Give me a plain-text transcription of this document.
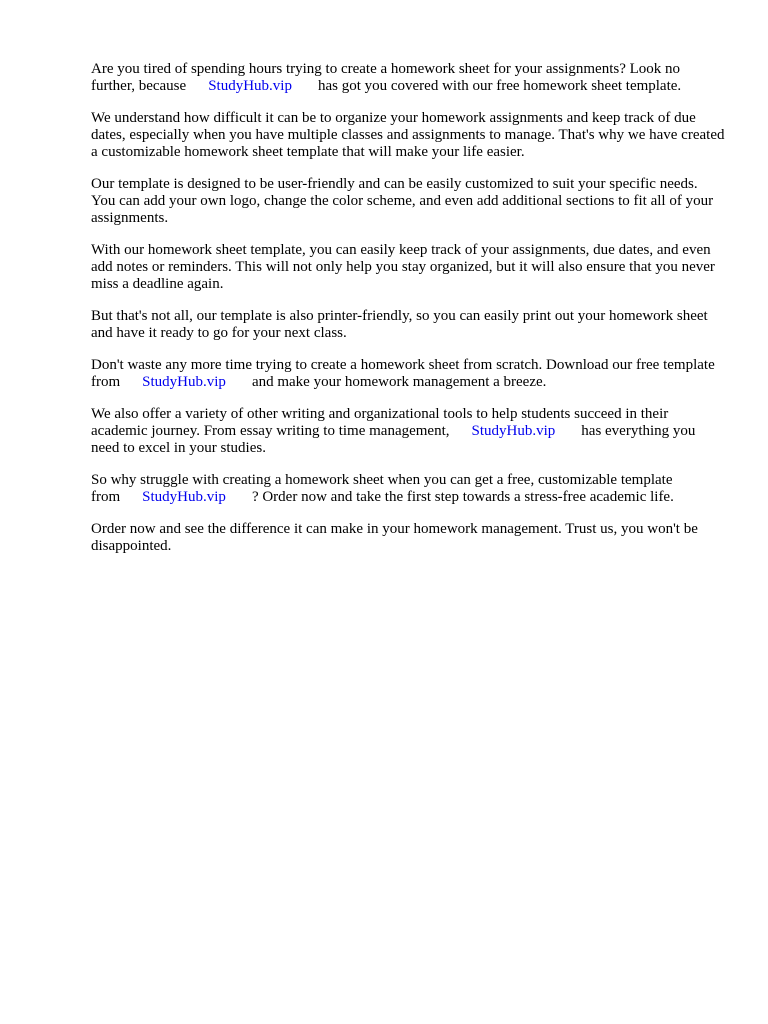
Are you tired of spending hours trying to create a homework sheet for your assignments? Look no further, because StudyHub.vip has got you covered with our free homework sheet template.

We understand how difficult it can be to organize your homework assignments and keep track of due dates, especially when you have multiple classes and assignments to manage. That's why we have created a customizable homework sheet template that will make your life easier.

Our template is designed to be user-friendly and can be easily customized to suit your specific needs. You can add your own logo, change the color scheme, and even add additional sections to fit all of your assignments.

With our homework sheet template, you can easily keep track of your assignments, due dates, and even add notes or reminders. This will not only help you stay organized, but it will also ensure that you never miss a deadline again.

But that's not all, our template is also printer-friendly, so you can easily print out your homework sheet and have it ready to go for your next class.

Don't waste any more time trying to create a homework sheet from scratch. Download our free template from StudyHub.vip and make your homework management a breeze.

We also offer a variety of other writing and organizational tools to help students succeed in their academic journey. From essay writing to time management, StudyHub.vip has everything you need to excel in your studies.

So why struggle with creating a homework sheet when you can get a free, customizable template from StudyHub.vip ? Order now and take the first step towards a stress-free academic life.

Order now and see the difference it can make in your homework management. Trust us, you won't be disappointed.
